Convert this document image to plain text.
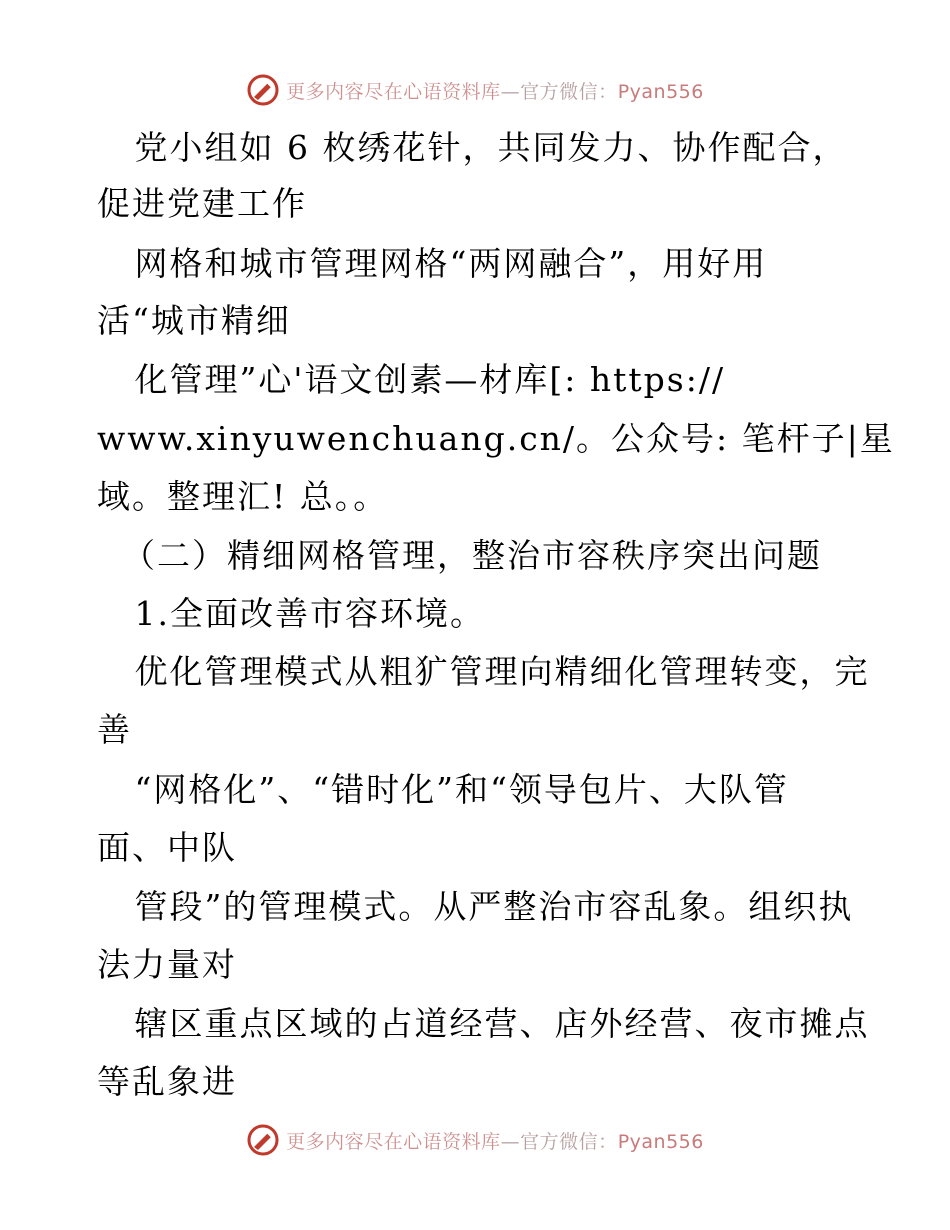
更多内容尽在心语资料库—官方微信：Pyan556
党小组如 6 枚绣花针，共同发力、协作配合，
促进党建工作
网格和城市管理网格“两网融合”，用好用
活“城市精细
化管理”心'语文创素—材库[: https://
www.xinyuwenchuang.cn/。公众号: 笔杆子|星
域。整理汇! 总。。
（二）精细网格管理，整治市容秩序突出问题
1.全面改善市容环境。
优化管理模式从粗犷管理向精细化管理转变，完
善
“网格化”、“错时化”和“领导包片、大队管
面、中队
管段”的管理模式。从严整治市容乱象。组织执
法力量对
辖区重点区域的占道经营、店外经营、夜市摊点
等乱象进
更多内容尽在心语资料库—官方微信：Pyan556
